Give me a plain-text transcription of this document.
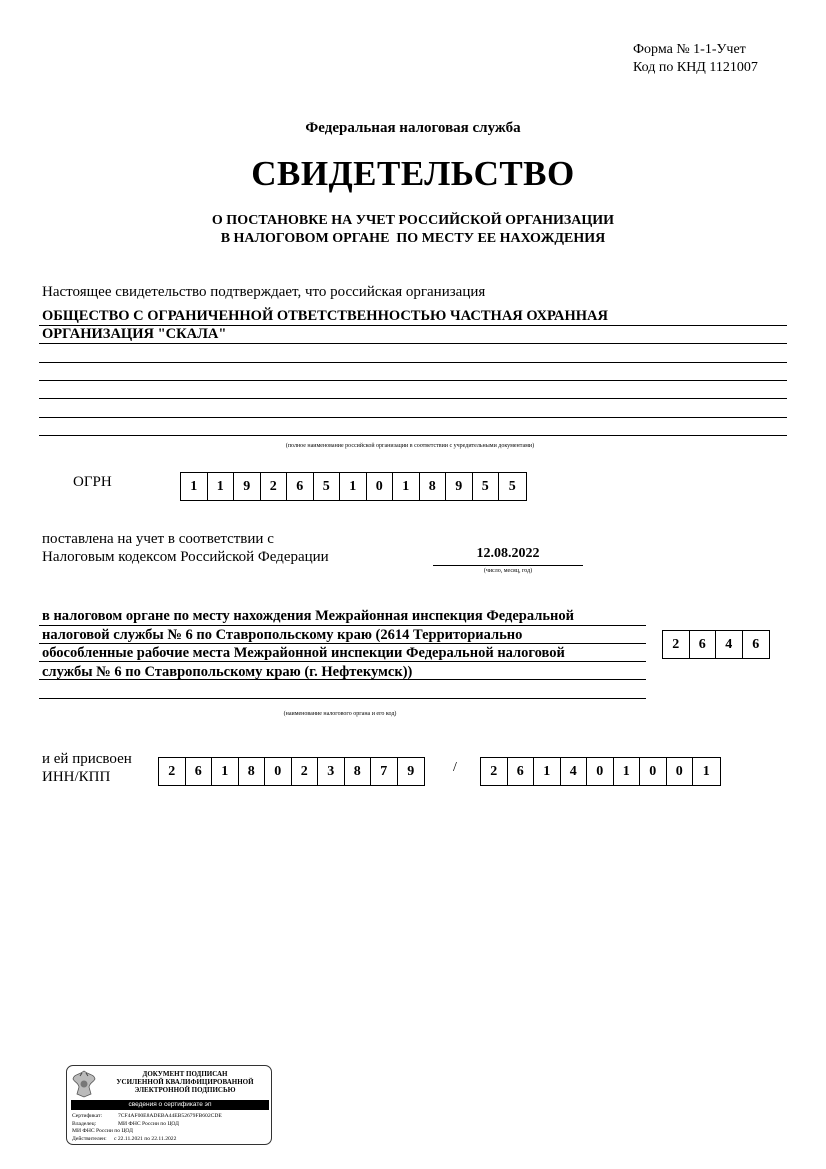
Форма № 1-1-Учет
Код по КНД 1121007
Федеральная налоговая служба
СВИДЕТЕЛЬСТВО
О ПОСТАНОВКЕ НА УЧЕТ РОССИЙСКОЙ ОРГАНИЗАЦИИ
В НАЛОГОВОМ ОРГАНЕ  ПО МЕСТУ ЕЕ НАХОЖДЕНИЯ
Настоящее свидетельство подтверждает, что российская организация
ОБЩЕСТВО С ОГРАНИЧЕННОЙ ОТВЕТСТВЕННОСТЬЮ ЧАСТНАЯ ОХРАННАЯ
ОРГАНИЗАЦИЯ "СКАЛА"
(полное наименование российской организации в соответствии с учредительными документами)
ОГРН	1	1	9	2	6	5	1	0	1	8	9	5	5
поставлена на учет в соответствии с
Налоговым кодексом Российской Федерации	12.08.2022
(число, месяц, год)
в налоговом органе по месту нахождения Межрайонная инспекция Федеральной
налоговой службы № 6 по Ставропольскому краю (2614 Территориально
обособленные рабочие места Межрайонной инспекции Федеральной налоговой
службы № 6 по Ставропольскому краю (г. Нефтекумск))
2	6	4	6
(наименование налогового органа и его код)
и ей присвоен
ИНН/КПП	2	6	1	8	0	2	3	8	7	9	/	2	6	1	4	0	1	0	0	1
ДОКУМЕНТ ПОДПИСАН
УСИЛЕННОЙ КВАЛИФИЦИРОВАННОЙ
ЭЛЕКТРОННОЙ ПОДПИСЬЮ
сведения о сертификате эп
Сертификат:	7CF4AF00E8ADEBA44EB52679FB602CDE
Владелец:	МИ ФНС России по ЦОД
МИ ФНС России по ЦОД
Действителен: с 22.11.2021 по 22.11.2022
